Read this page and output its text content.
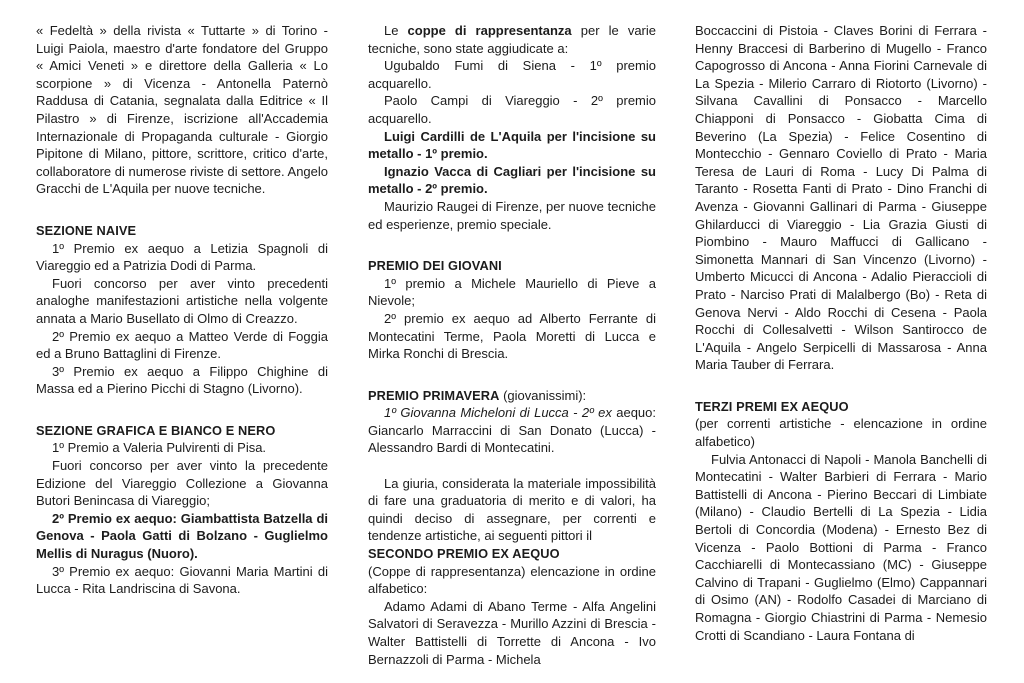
« Fedeltà » della rivista « Tuttarte » di Torino - Luigi Paiola, maestro d'arte fondatore del Gruppo « Amici Veneti » e direttore della Galleria « Lo scorpione » di Vicenza - Antonella Paternò Raddusa di Catania, segnalata dalla Editrice « Il Pilastro » di Firenze, iscrizione all'Accademia Internazionale di Propaganda culturale - Giorgio Pipitone di Milano, pittore, scrittore, critico d'arte, collaboratore di numerose riviste di settore. Angelo Gracchi de L'Aquila per nuove tecniche.

SEZIONE NAIVE

1º Premio ex aequo a Letizia Spagnoli di Viareggio ed a Patrizia Dodi di Parma.

Fuori concorso per aver vinto precedenti analoghe manifestazioni artistiche nella volgente annata a Mario Busellato di Olmo di Creazzo.

2º Premio ex aequo a Matteo Verde di Foggia ed a Bruno Battaglini di Firenze.

3º Premio ex aequo a Filippo Chighine di Massa ed a Pierino Picchi di Stagno (Livorno).

SEZIONE GRAFICA E BIANCO E NERO

1º Premio a Valeria Pulvirenti di Pisa.

Fuori concorso per aver vinto la precedente Edizione del Viareggio Collezione a Giovanna Butori Benincasa di Viareggio;

2º Premio ex aequo: Giambattista Batzella di Genova - Paola Gatti di Bolzano - Guglielmo Mellis di Nuragus (Nuoro).

3º Premio ex aequo: Giovanni Maria Martini di Lucca - Rita Landriscina di Savona.

Le coppe di rappresentanza per le varie tecniche, sono state aggiudicate a:

Ugubaldo Fumi di Siena - 1º premio acquarello.

Paolo Campi di Viareggio - 2º premio acquarello.

Luigi Cardilli de L'Aquila per l'incisione su metallo - 1º premio.

Ignazio Vacca di Cagliari per l'incisione su metallo - 2º premio.

Maurizio Raugei di Firenze, per nuove tecniche ed esperienze, premio speciale.

PREMIO DEI GIOVANI

1º premio a Michele Mauriello di Pieve a Nievole;

2º premio ex aequo ad Alberto Ferrante di Montecatini Terme, Paola Moretti di Lucca e Mirka Ronchi di Brescia.

PREMIO PRIMAVERA (giovanissimi):

1º Giovanna Micheloni di Lucca - 2º ex aequo: Giancarlo Marraccini di San Donato (Lucca) - Alessandro Bardi di Montecatini.

La giuria, considerata la materiale impossibilità di fare una graduatoria di merito e di valori, ha quindi deciso di assegnare, per correnti e tendenze artistiche, ai seguenti pittori il

SECONDO PREMIO EX AEQUO

(Coppe di rappresentanza) elencazione in ordine alfabetico:

Adamo Adami di Abano Terme - Alfa Angelini Salvatori di Seravezza - Murillo Azzini di Brescia - Walter Battistelli di Torrette di Ancona - Ivo Bernazzoli di Parma - Michela

Boccaccini di Pistoia - Claves Borini di Ferrara - Henny Braccesi di Barberino di Mugello - Franco Capogrosso di Ancona - Anna Fiorini Carnevale di La Spezia - Milerio Carraro di Riotorto (Livorno) - Silvana Cavallini di Ponsacco - Marcello Chiapponi di Ponsacco - Giobatta Cima di Beverino (La Spezia) - Felice Cosentino di Montecchio - Gennaro Coviello di Prato - Maria Teresa de Lauri di Roma - Lucy Di Palma di Taranto - Rosetta Fanti di Prato - Dino Franchi di Avenza - Giovanni Gallinari di Parma - Giuseppe Ghilarducci di Viareggio - Lia Grazia Giusti di Piombino - Mauro Maffucci di Gallicano - Simonetta Mannari di San Vincenzo (Livorno) - Umberto Micucci di Ancona - Adalio Pieraccioli di Prato - Narciso Prati di Malalbergo (Bo) - Reta di Genova Nervi - Aldo Rocchi di Cesena - Paola Rocchi di Collesalvetti - Wilson Santirocco de L'Aquila - Angelo Serpicelli di Massarosa - Anna Maria Tauber di Ferrara.

TERZI PREMI EX AEQUO

(per correnti artistiche - elencazione in ordine alfabetico)

Fulvia Antonacci di Napoli - Manola Banchelli di Montecatini - Walter Barbieri di Ferrara - Mario Battistelli di Ancona - Pierino Beccari di Limbiate (Milano) - Claudio Bertelli di La Spezia - Lidia Bertoli di Concordia (Modena) - Ernesto Bez di Vicenza - Paolo Bottioni di Parma - Franco Cacchiarelli di Montecassiano (MC) - Giuseppe Calvino di Trapani - Guglielmo (Elmo) Cappannari di Osimo (AN) - Rodolfo Casadei di Marciano di Romagna - Giorgio Chiastrini di Parma - Nemesio Crotti di Scandiano - Laura Fontana di
